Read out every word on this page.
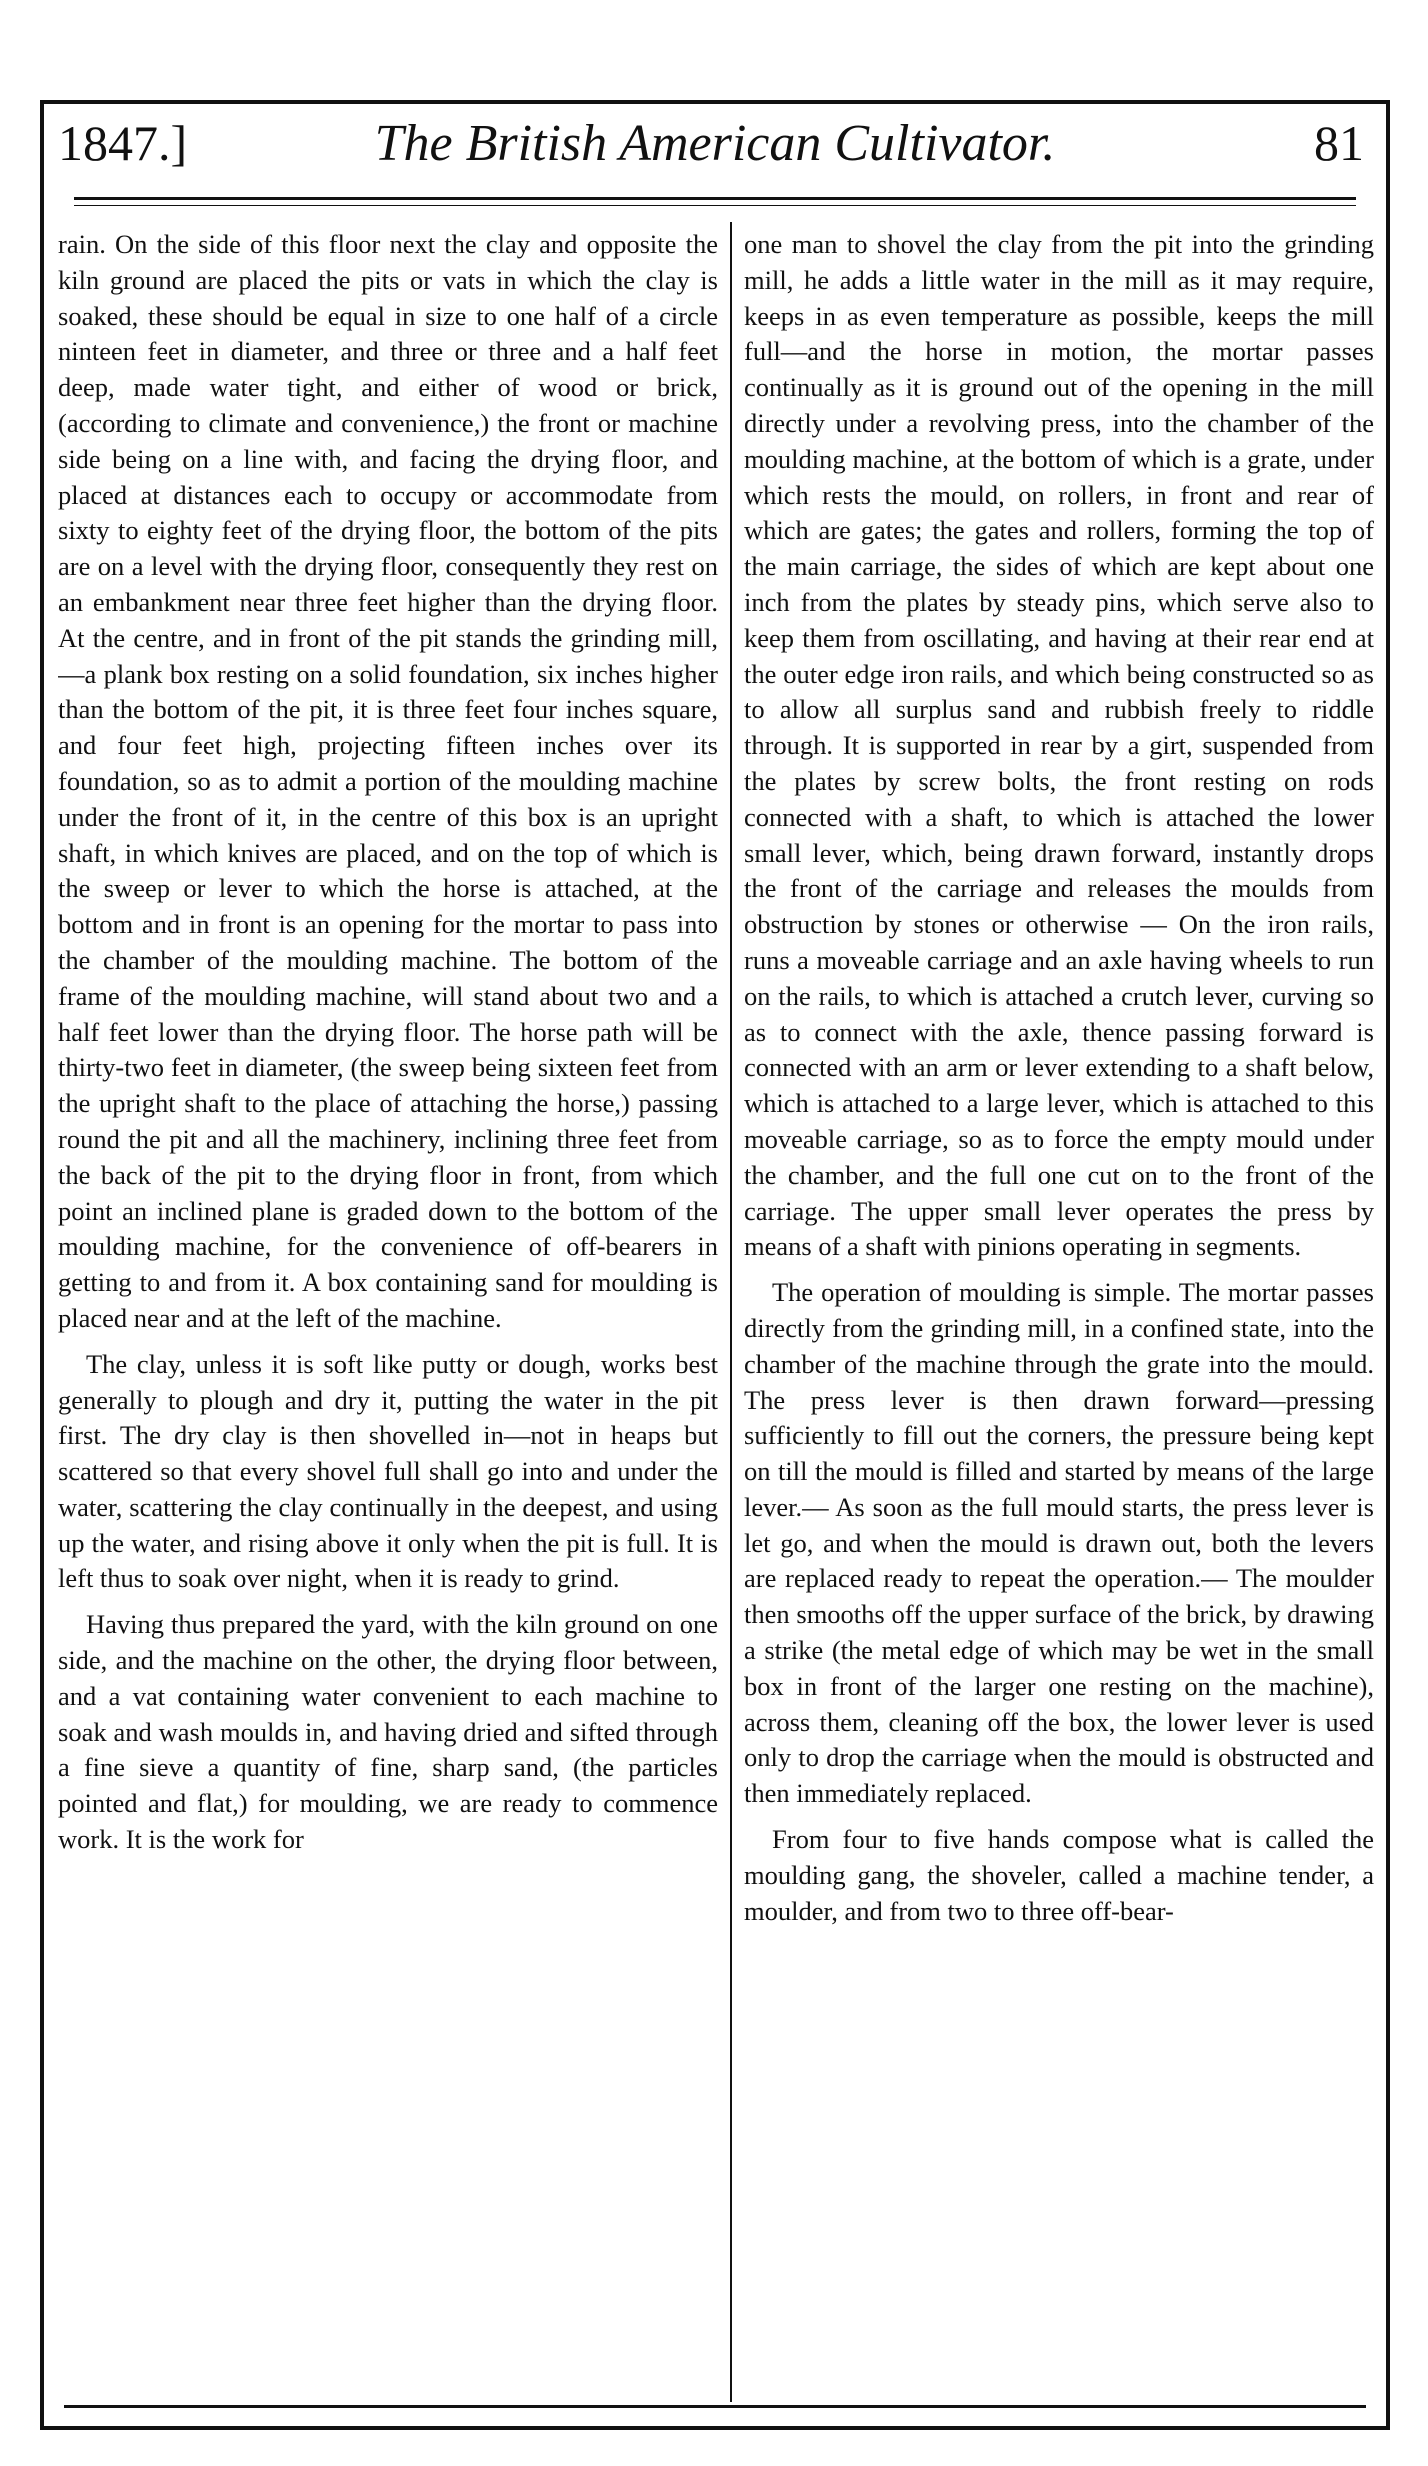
1847.]	The British American Cultivator.	81

rain. On the side of this floor next the clay and opposite the kiln ground are placed the pits or vats in which the clay is soaked, these should be equal in size to one half of a circle ninteen feet in diameter, and three or three and a half feet deep, made water tight, and either of wood or brick, (according to climate and convenience,) the front or machine side being on a line with, and facing the drying floor, and placed at distances each to occupy or accommodate from sixty to eighty feet of the drying floor, the bottom of the pits are on a level with the drying floor, consequently they rest on an embankment near three feet higher than the drying floor. At the centre, and in front of the pit stands the grinding mill,—a plank box resting on a solid foundation, six inches higher than the bottom of the pit, it is three feet four inches square, and four feet high, projecting fifteen inches over its foundation, so as to admit a portion of the moulding machine under the front of it, in the centre of this box is an upright shaft, in which knives are placed, and on the top of which is the sweep or lever to which the horse is attached, at the bottom and in front is an opening for the mortar to pass into the chamber of the moulding machine. The bottom of the frame of the moulding machine, will stand about two and a half feet lower than the drying floor. The horse path will be thirty-two feet in diameter, (the sweep being sixteen feet from the upright shaft to the place of attaching the horse,) passing round the pit and all the machinery, inclining three feet from the back of the pit to the drying floor in front, from which point an inclined plane is graded down to the bottom of the moulding machine, for the convenience of off-bearers in getting to and from it. A box containing sand for moulding is placed near and at the left of the machine.

The clay, unless it is soft like putty or dough, works best generally to plough and dry it, putting the water in the pit first. The dry clay is then shovelled in—not in heaps but scattered so that every shovel full shall go into and under the water, scattering the clay continually in the deepest, and using up the water, and rising above it only when the pit is full. It is left thus to soak over night, when it is ready to grind.

Having thus prepared the yard, with the kiln ground on one side, and the machine on the other, the drying floor between, and a vat containing water convenient to each machine to soak and wash moulds in, and having dried and sifted through a fine sieve a quantity of fine, sharp sand, (the particles pointed and flat,) for moulding, we are ready to commence work. It is the work for

one man to shovel the clay from the pit into the grinding mill, he adds a little water in the mill as it may require, keeps in as even temperature as possible, keeps the mill full—and the horse in motion, the mortar passes continually as it is ground out of the opening in the mill directly under a revolving press, into the chamber of the moulding machine, at the bottom of which is a grate, under which rests the mould, on rollers, in front and rear of which are gates; the gates and rollers, forming the top of the main carriage, the sides of which are kept about one inch from the plates by steady pins, which serve also to keep them from oscillating, and having at their rear end at the outer edge iron rails, and which being constructed so as to allow all surplus sand and rubbish freely to riddle through. It is supported in rear by a girt, suspended from the plates by screw bolts, the front resting on rods connected with a shaft, to which is attached the lower small lever, which, being drawn forward, instantly drops the front of the carriage and releases the moulds from obstruction by stones or otherwise — On the iron rails, runs a moveable carriage and an axle having wheels to run on the rails, to which is attached a crutch lever, curving so as to connect with the axle, thence passing forward is connected with an arm or lever extending to a shaft below, which is attached to a large lever, which is attached to this moveable carriage, so as to force the empty mould under the chamber, and the full one cut on to the front of the carriage. The upper small lever operates the press by means of a shaft with pinions operating in segments.

The operation of moulding is simple. The mortar passes directly from the grinding mill, in a confined state, into the chamber of the machine through the grate into the mould. The press lever is then drawn forward—pressing sufficiently to fill out the corners, the pressure being kept on till the mould is filled and started by means of the large lever.— As soon as the full mould starts, the press lever is let go, and when the mould is drawn out, both the levers are replaced ready to repeat the operation.— The moulder then smooths off the upper surface of the brick, by drawing a strike (the metal edge of which may be wet in the small box in front of the larger one resting on the machine), across them, cleaning off the box, the lower lever is used only to drop the carriage when the mould is obstructed and then immediately replaced.

From four to five hands compose what is called the moulding gang, the shoveler, called a machine tender, a moulder, and from two to three off-bear-
